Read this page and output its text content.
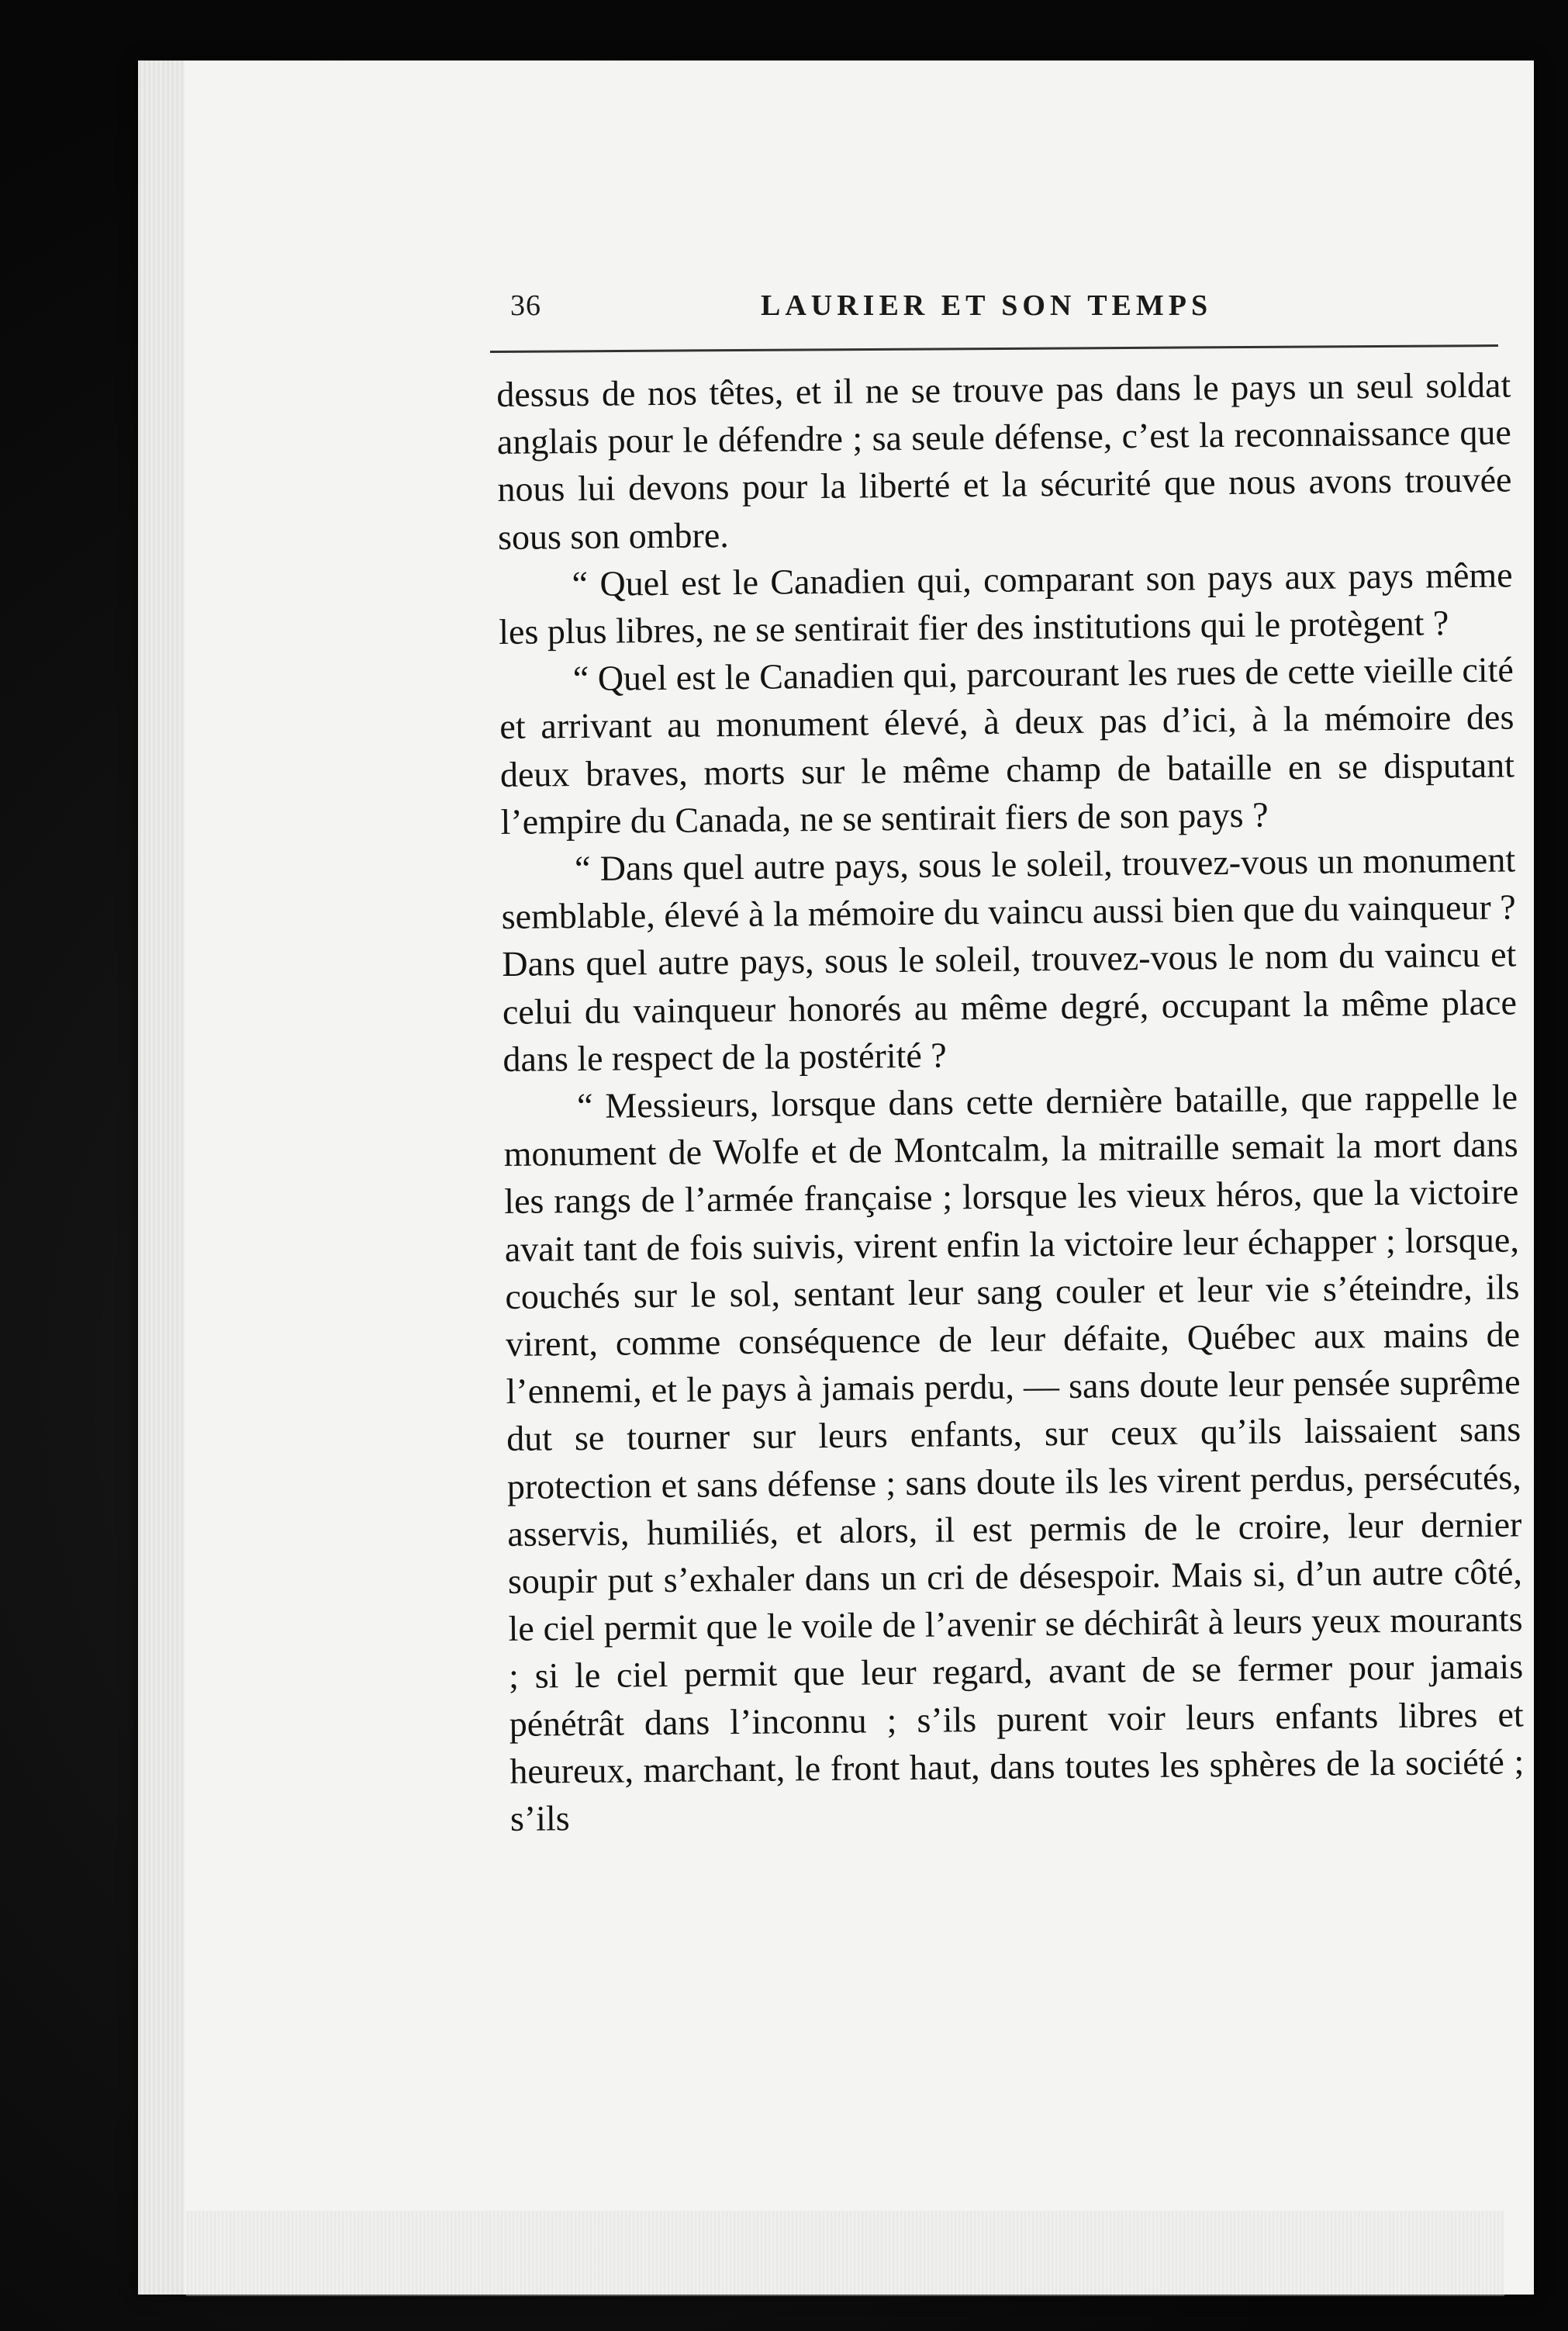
36	LAURIER ET SON TEMPS

dessus de nos têtes, et il ne se trouve pas dans le pays un seul soldat anglais pour le défendre ; sa seule défense, c’est la reconnaissance que nous lui devons pour la liberté et la sécurité que nous avons trouvée sous son ombre.

“ Quel est le Canadien qui, comparant son pays aux pays même les plus libres, ne se sentirait fier des institutions qui le protègent ?

“ Quel est le Canadien qui, parcourant les rues de cette vieille cité et arrivant au monument élevé, à deux pas d’ici, à la mémoire des deux braves, morts sur le même champ de bataille en se disputant l’empire du Canada, ne se sentirait fiers de son pays ?

“ Dans quel autre pays, sous le soleil, trouvez-vous un monument semblable, élevé à la mémoire du vaincu aussi bien que du vainqueur ? Dans quel autre pays, sous le soleil, trouvez-vous le nom du vaincu et celui du vainqueur honorés au même degré, occupant la même place dans le respect de la postérité ?

“ Messieurs, lorsque dans cette dernière bataille, que rappelle le monument de Wolfe et de Montcalm, la mitraille semait la mort dans les rangs de l’armée française ; lorsque les vieux héros, que la victoire avait tant de fois suivis, virent enfin la victoire leur échapper ; lorsque, couchés sur le sol, sentant leur sang couler et leur vie s’éteindre, ils virent, comme conséquence de leur défaite, Québec aux mains de l’ennemi, et le pays à jamais perdu, — sans doute leur pensée suprême dut se tourner sur leurs enfants, sur ceux qu’ils laissaient sans protection et sans défense ; sans doute ils les virent perdus, persécutés, asservis, humiliés, et alors, il est permis de le croire, leur dernier soupir put s’exhaler dans un cri de désespoir. Mais si, d’un autre côté, le ciel permit que le voile de l’avenir se déchirât à leurs yeux mourants ; si le ciel permit que leur regard, avant de se fermer pour jamais pénétrât dans l’inconnu ; s’ils purent voir leurs enfants libres et heureux, marchant, le front haut, dans toutes les sphères de la société ; s’ils
